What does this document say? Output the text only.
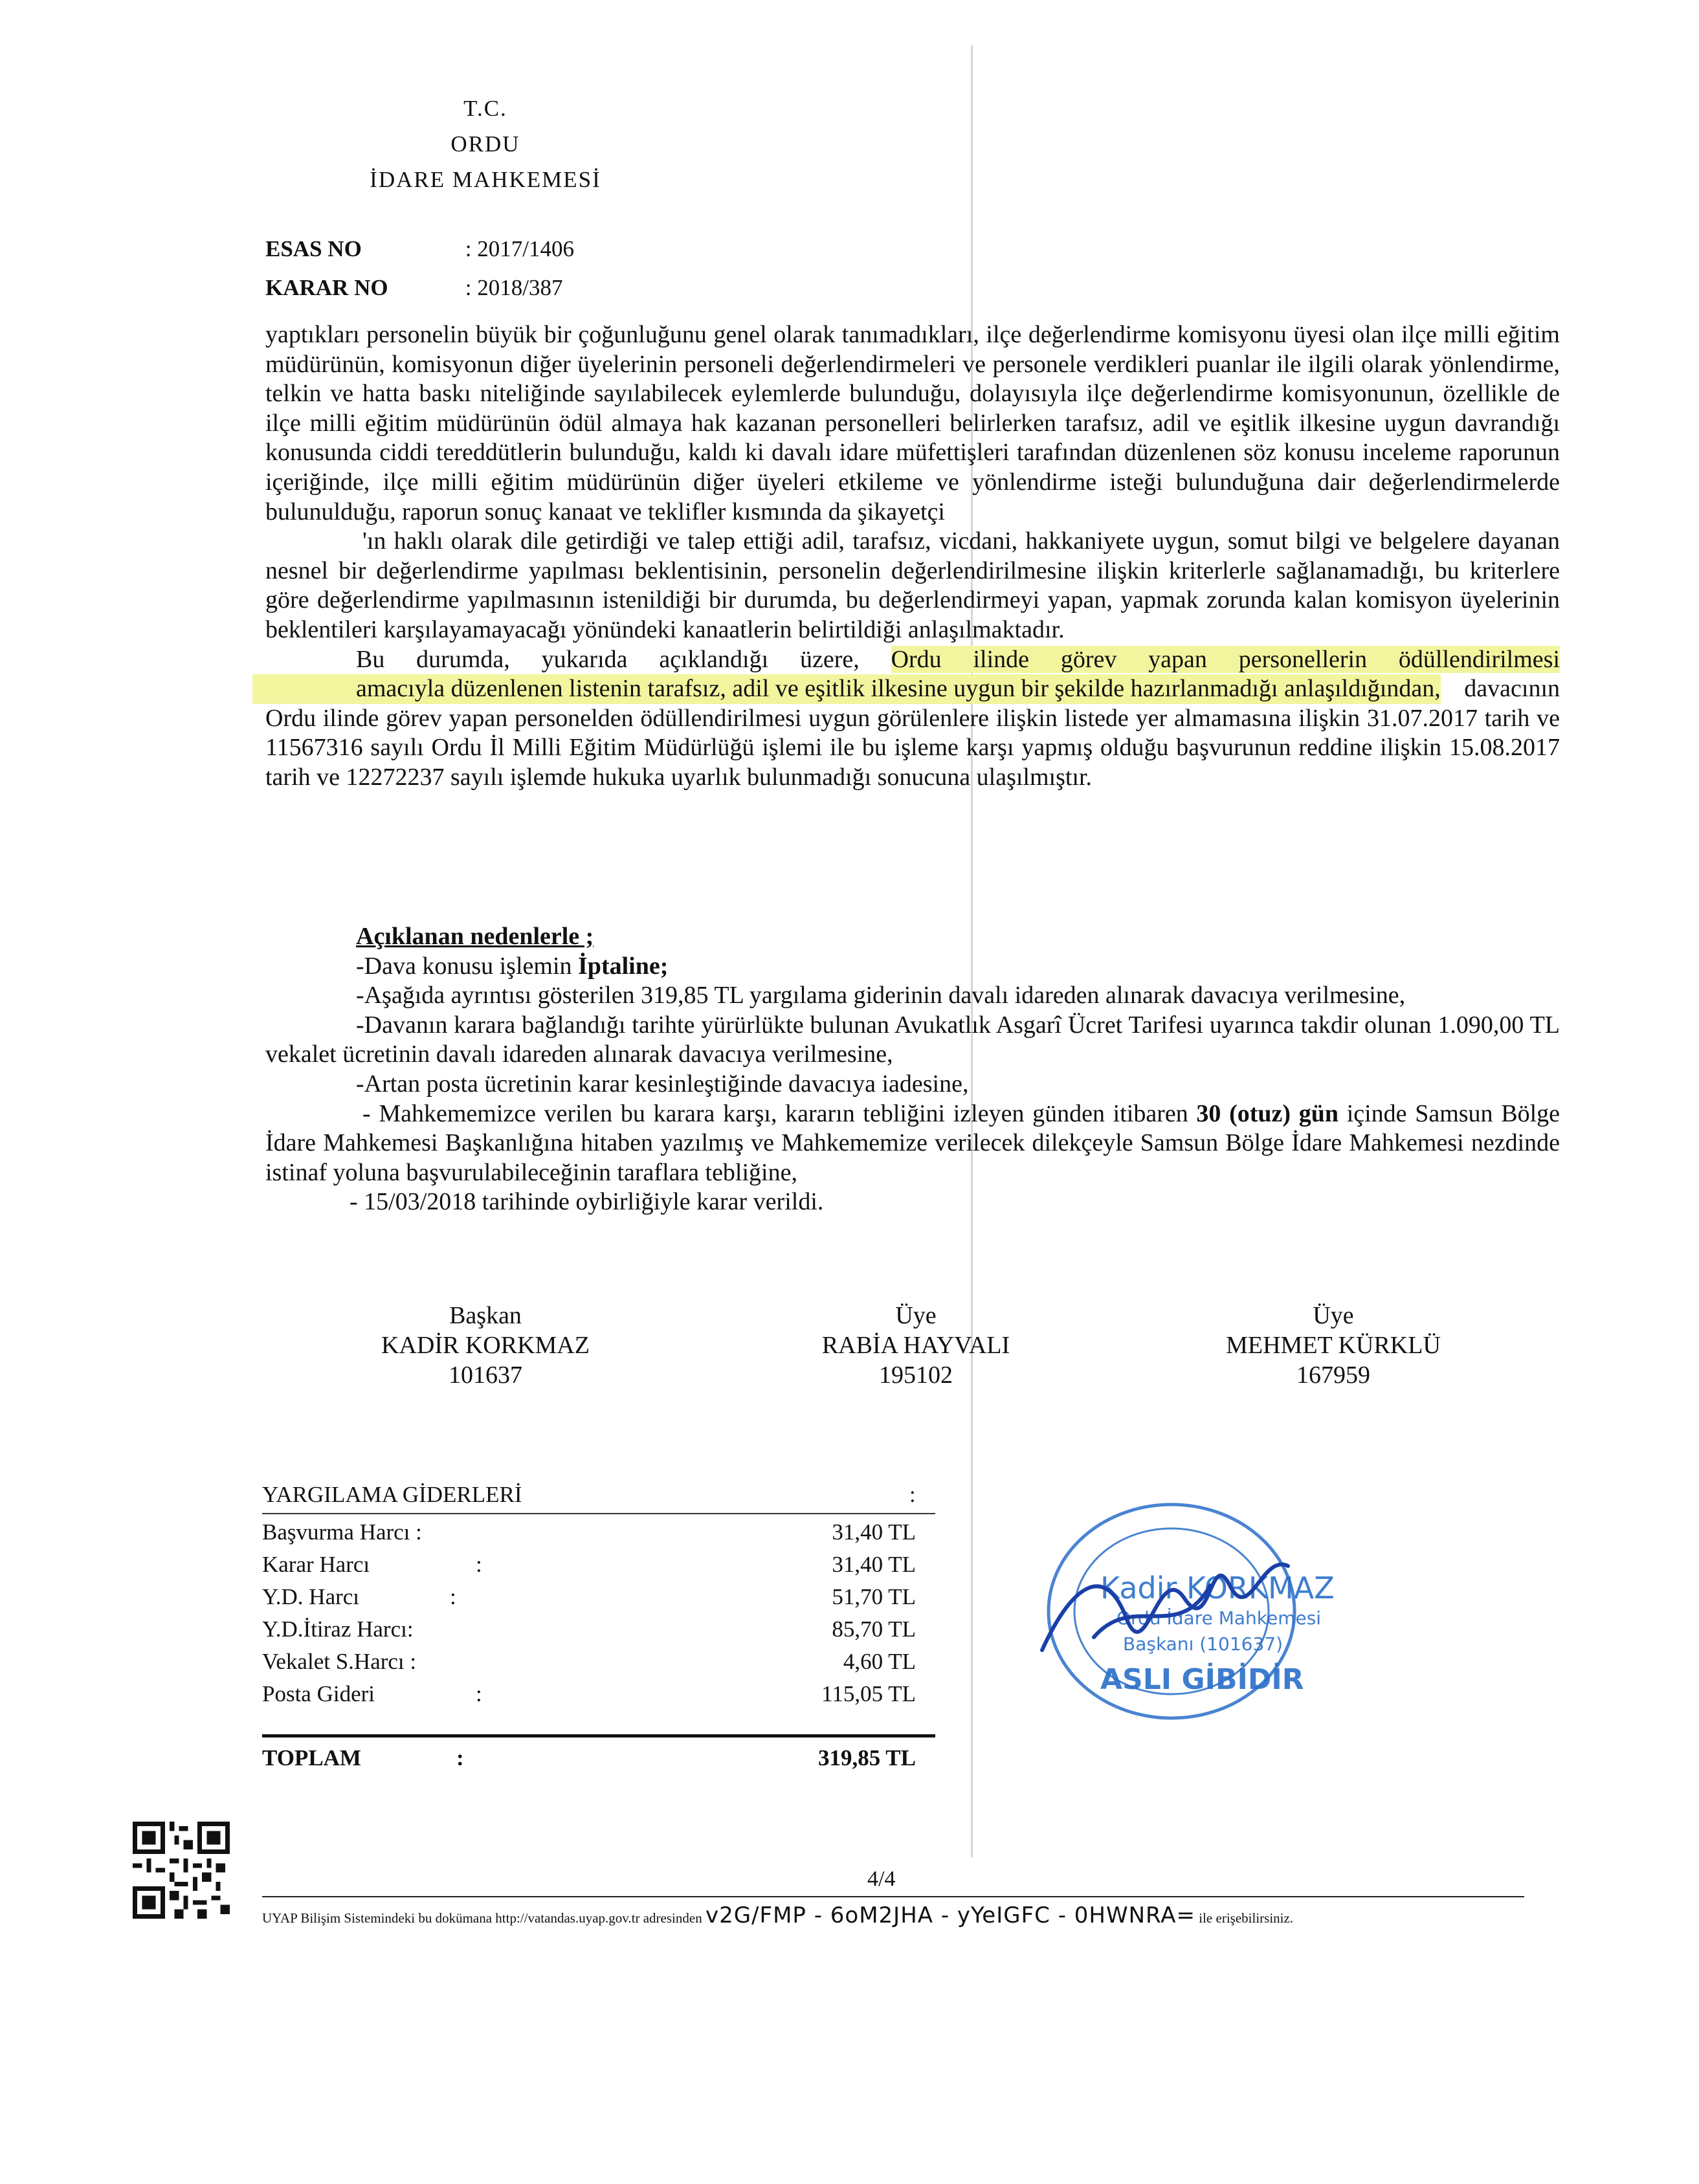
T.C.
ORDU
İDARE MAHKEMESİ
ESAS NO	: 2017/1406
KARAR NO	: 2018/387

yaptıkları personelin büyük bir çoğunluğunu genel olarak tanımadıkları, ilçe değerlendirme komisyonu üyesi olan ilçe milli eğitim müdürünün, komisyonun diğer üyelerinin personeli değerlendirmeleri ve personele verdikleri puanlar ile ilgili olarak yönlendirme, telkin ve hatta baskı niteliğinde sayılabilecek eylemlerde bulunduğu, dolayısıyla ilçe değerlendirme komisyonunun, özellikle de ilçe milli eğitim müdürünün ödül almaya hak kazanan personelleri belirlerken tarafsız, adil ve eşitlik ilkesine uygun davrandığı konusunda ciddi tereddütlerin bulunduğu, kaldı ki davalı idare müfettişleri tarafından düzenlenen söz konusu inceleme raporunun içeriğinde, ilçe milli eğitim müdürünün diğer üyeleri etkileme ve yönlendirme isteği bulunduğuna dair değerlendirmelerde bulunulduğu, raporun sonuç kanaat ve teklifler kısmında da şikayetçi

'ın haklı olarak dile getirdiği ve talep ettiği adil, tarafsız, vicdani, hakkaniyete uygun, somut bilgi ve belgelere dayanan nesnel bir değerlendirme yapılması beklentisinin, personelin değerlendirilmesine ilişkin kriterlerle sağlanamadığı, bu kriterlere göre değerlendirme yapılmasının istenildiği bir durumda, bu değerlendirmeyi yapan, yapmak zorunda kalan komisyon üyelerinin beklentileri karşılayamayacağı yönündeki kanaatlerin belirtildiği anlaşılmaktadır.

Bu durumda, yukarıda açıklandığı üzere, Ordu ilinde görev yapan personellerin ödüllendirilmesi amacıyla düzenlenen listenin tarafsız, adil ve eşitlik ilkesine uygun bir şekilde hazırlanmadığı anlaşıldığından, davacının Ordu ilinde görev yapan personelden ödüllendirilmesi uygun görülenlere ilişkin listede yer almamasına ilişkin 31.07.2017 tarih ve 11567316 sayılı Ordu İl Milli Eğitim Müdürlüğü işlemi ile bu işleme karşı yapmış olduğu başvurunun reddine ilişkin 15.08.2017 tarih ve 12272237 sayılı işlemde hukuka uyarlık bulunmadığı sonucuna ulaşılmıştır.

Açıklanan nedenlerle ;

-Dava konusu işlemin İptaline;

-Aşağıda ayrıntısı gösterilen 319,85 TL yargılama giderinin davalı idareden alınarak davacıya verilmesine,

-Davanın karara bağlandığı tarihte yürürlükte bulunan Avukatlık Asgarî Ücret Tarifesi uyarınca takdir olunan 1.090,00 TL vekalet ücretinin davalı idareden alınarak davacıya verilmesine,

-Artan posta ücretinin karar kesinleştiğinde davacıya iadesine,

- Mahkememizce verilen bu karara karşı, kararın tebliğini izleyen günden itibaren 30 (otuz) gün içinde Samsun Bölge İdare Mahkemesi Başkanlığına hitaben yazılmış ve Mahkememize verilecek dilekçeyle Samsun Bölge İdare Mahkemesi nezdinde istinaf yoluna başvurulabileceğinin taraflara tebliğine,

- 15/03/2018 tarihinde oybirliğiyle karar verildi.

Başkan
KADİR KORKMAZ
101637
Üye
RABİA HAYVALI
195102
Üye
MEHMET KÜRKLÜ
167959
YARGILAMA GİDERLERİ	:
Başvurma Harcı :	31,40 TL
Karar Harcı	:	31,40 TL
Y.D. Harcı	:	51,70 TL
Y.D.İtiraz Harcı:	85,70 TL
Vekalet S.Harcı :	4,60 TL
Posta Gideri	:	115,05 TL
TOPLAM	:	319,85 TL
Kadir KORKMAZ
Ordu İdare Mahkemesi
Başkanı (101637)
ASLI GİBİDİR
4/4
UYAP Bilişim Sistemindeki bu dokümana http://vatandas.uyap.gov.tr adresinden v2G/FMP - 6oM2JHA - yYeIGFC - 0HWNRA= ile erişebilirsiniz.
